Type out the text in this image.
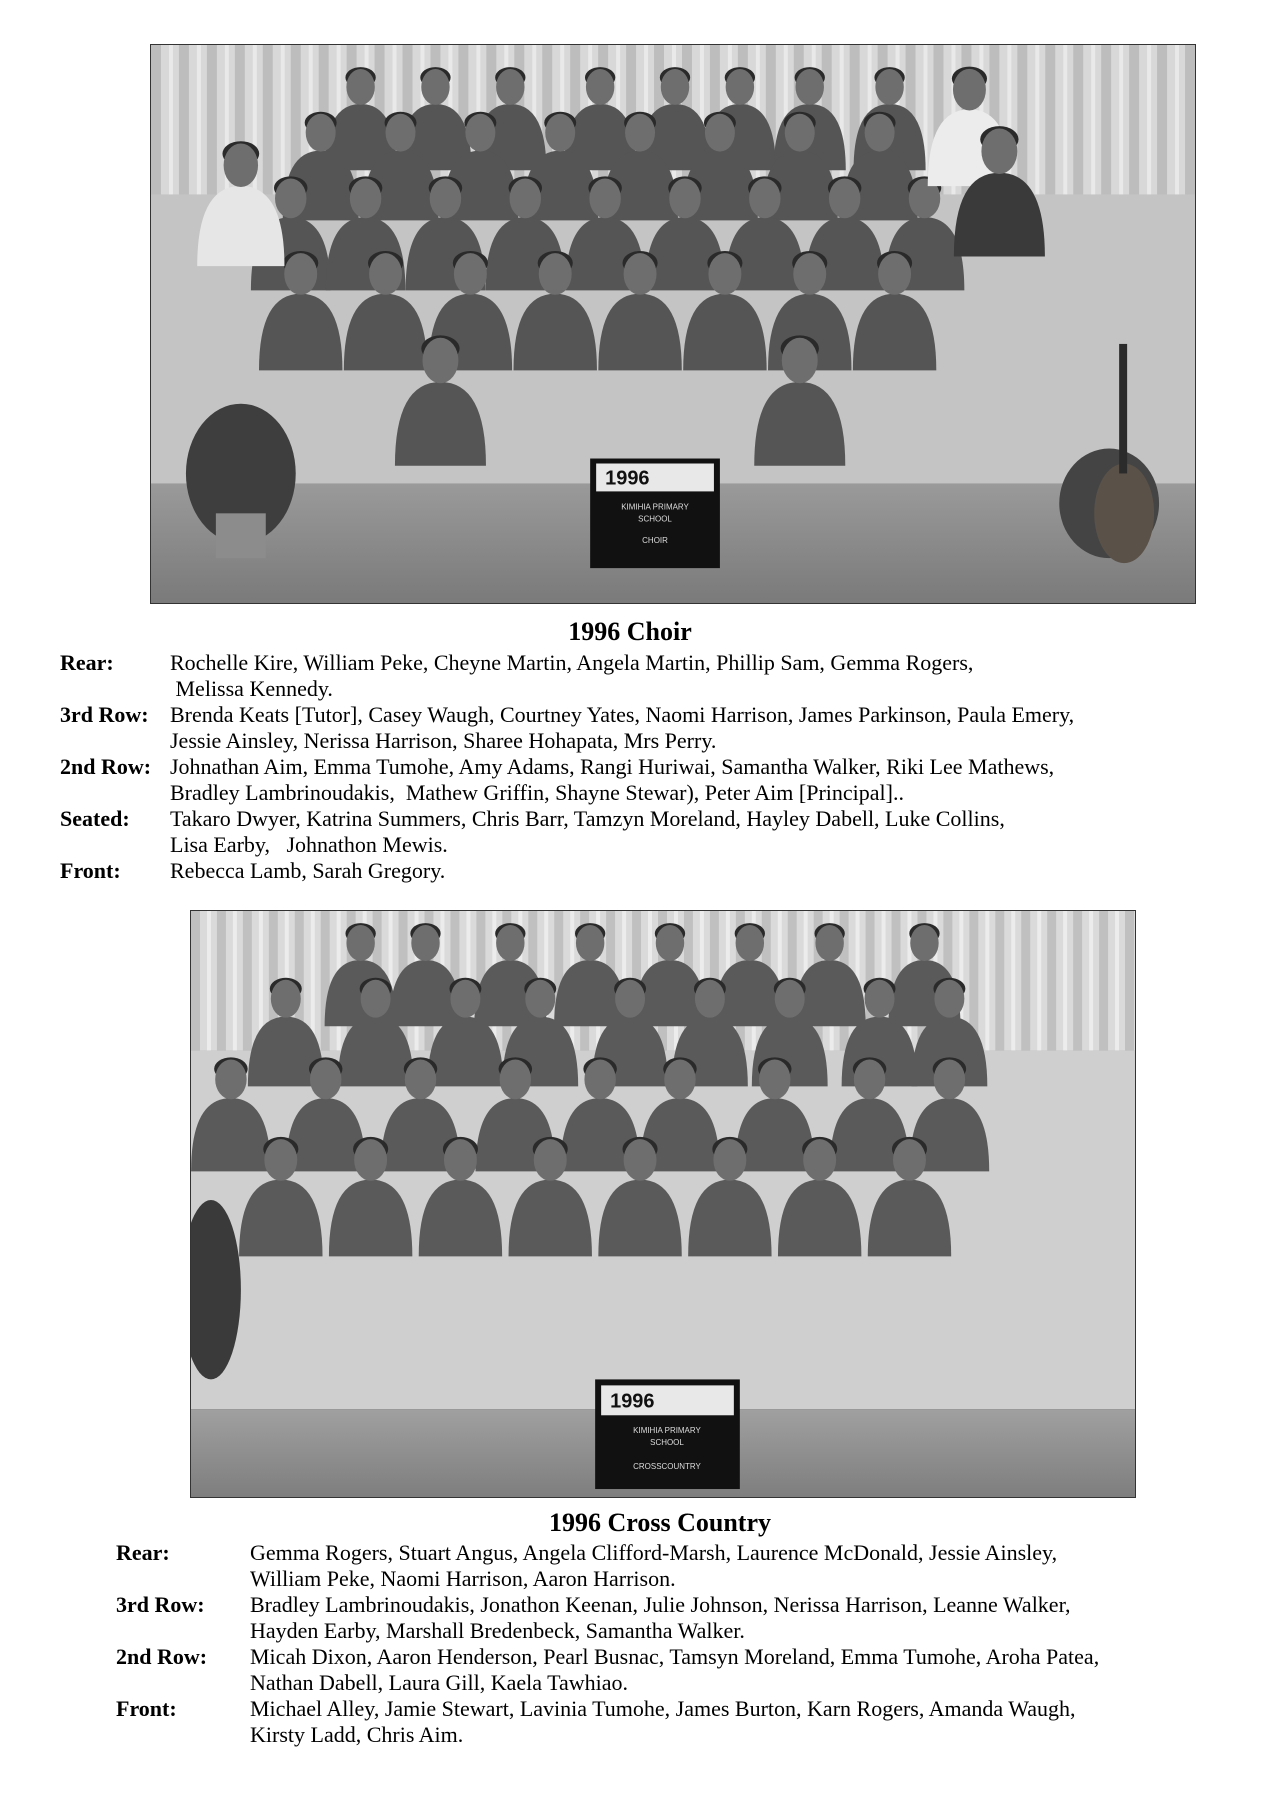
1996
KIMIHIA PRIMARY
SCHOOL
CHOIR
1996 Choir
Rear:	Rochelle Kire, William Peke, Cheyne Martin, Angela Martin, Phillip Sam, Gemma Rogers,
Melissa Kennedy.
3rd Row: Brenda Keats [Tutor], Casey Waugh, Courtney Yates, Naomi Harrison, James Parkinson, Paula Emery,
Jessie Ainsley, Nerissa Harrison, Sharee Hohapata, Mrs Perry.
2nd Row: Johnathan Aim, Emma Tumohe, Amy Adams, Rangi Huriwai, Samantha Walker, Riki Lee Mathews,
Bradley Lambrinoudakis,  Mathew Griffin, Shayne Stewar), Peter Aim [Principal]..
Seated:	Takaro Dwyer, Katrina Summers, Chris Barr, Tamzyn Moreland, Hayley Dabell, Luke Collins,
Lisa Earby,   Johnathon Mewis.
Front:	Rebecca Lamb, Sarah Gregory.
1996
KIMIHIA PRIMARY
SCHOOL
CROSSCOUNTRY
1996 Cross Country
Rear:	Gemma Rogers, Stuart Angus, Angela Clifford-Marsh, Laurence McDonald, Jessie Ainsley,
William Peke, Naomi Harrison, Aaron Harrison.
3rd Row:	Bradley Lambrinoudakis, Jonathon Keenan, Julie Johnson, Nerissa Harrison, Leanne Walker,
Hayden Earby, Marshall Bredenbeck, Samantha Walker.
2nd Row:	Micah Dixon, Aaron Henderson, Pearl Busnac, Tamsyn Moreland, Emma Tumohe, Aroha Patea,
Nathan Dabell, Laura Gill, Kaela Tawhiao.
Front:	Michael Alley, Jamie Stewart, Lavinia Tumohe, James Burton, Karn Rogers, Amanda Waugh,
Kirsty Ladd, Chris Aim.
